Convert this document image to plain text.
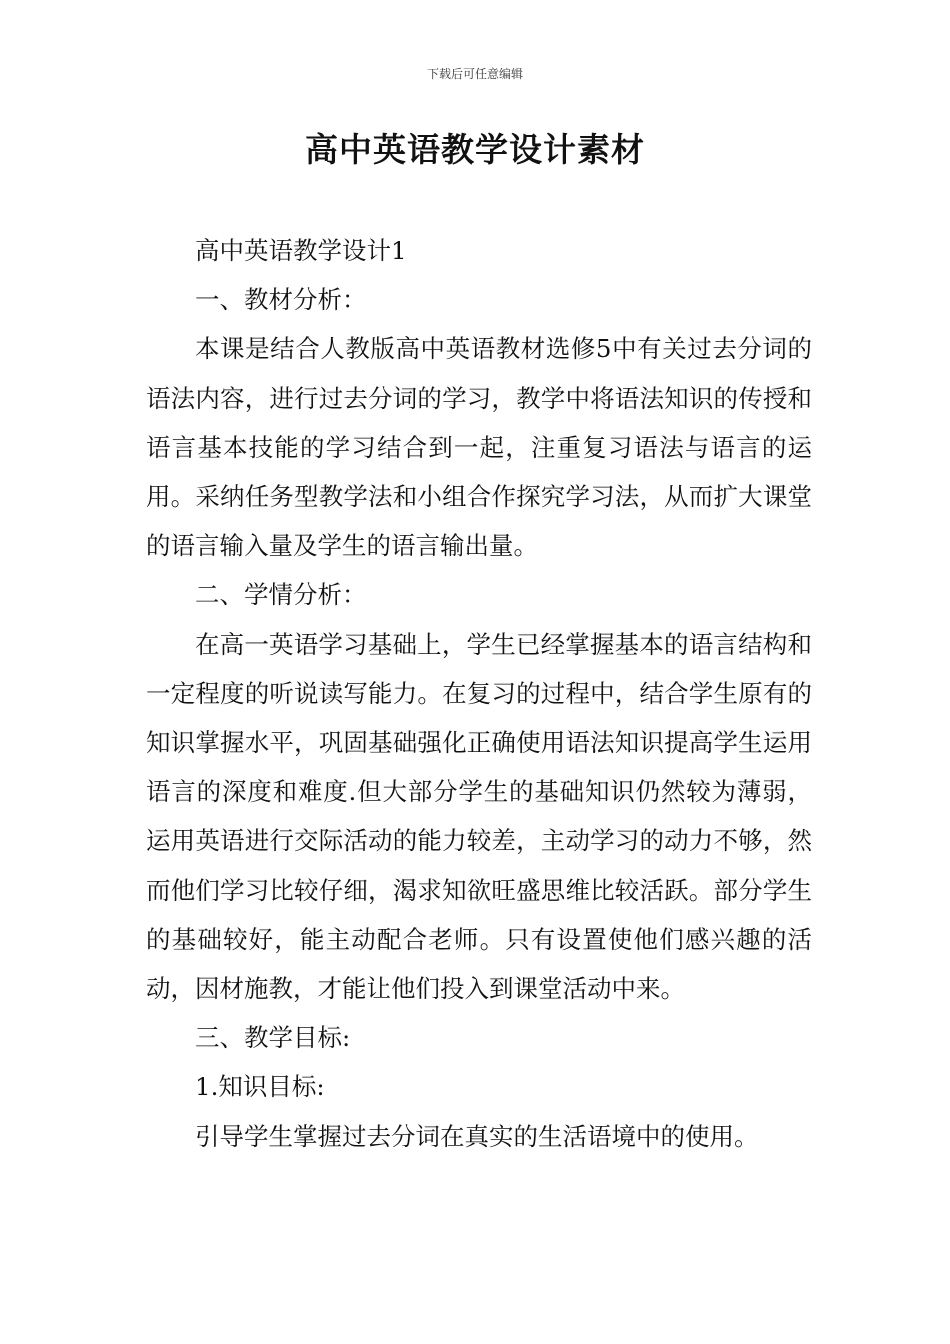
下载后可任意编辑
高中英语教学设计素材

高中英语教学设计1

一、教材分析：

本课是结合人教版高中英语教材选修5中有关过去分词的语法内容，进行过去分词的学习，教学中将语法知识的传授和语言基本技能的学习结合到一起，注重复习语法与语言的运用。采纳任务型教学法和小组合作探究学习法，从而扩大课堂的语言输入量及学生的语言输出量。

二、学情分析：

在高一英语学习基础上，学生已经掌握基本的语言结构和一定程度的听说读写能力。在复习的过程中，结合学生原有的知识掌握水平，巩固基础强化正确使用语法知识提高学生运用语言的深度和难度.但大部分学生的基础知识仍然较为薄弱，运用英语进行交际活动的能力较差，主动学习的动力不够，然而他们学习比较仔细，渴求知欲旺盛思维比较活跃。部分学生的基础较好，能主动配合老师。只有设置使他们感兴趣的活动，因材施教，才能让他们投入到课堂活动中来。

三、教学目标:

1.知识目标:

引导学生掌握过去分词在真实的生活语境中的使用。
